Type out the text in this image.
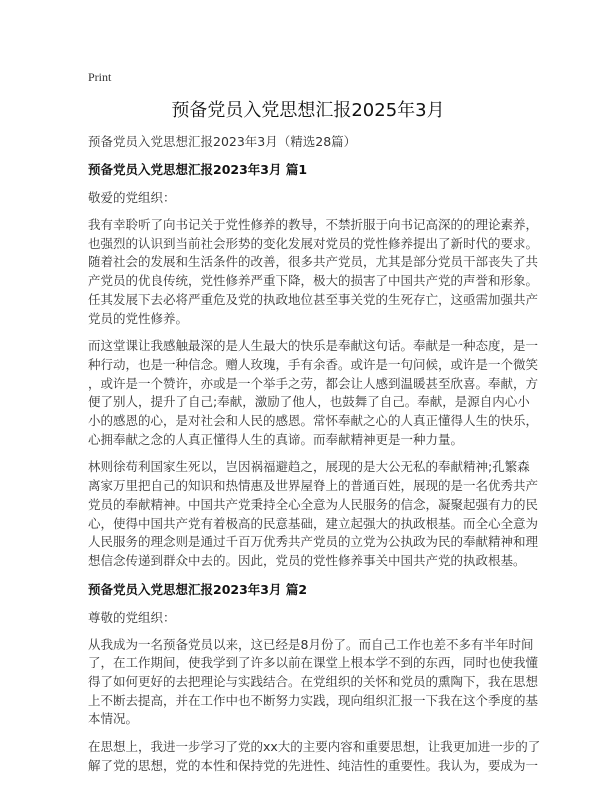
Print
预备党员入党思想汇报2025年3月
预备党员入党思想汇报2023年3月（精选28篇）
预备党员入党思想汇报2023年3月 篇1
敬爱的党组织：
我有幸聆听了向书记关于党性修养的教导，不禁折服于向书记高深的的理论素养，
也强烈的认识到当前社会形势的变化发展对党员的党性修养提出了新时代的要求。
随着社会的发展和生活条件的改善，很多共产党员，尤其是部分党员干部丧失了共
产党员的优良传统，党性修养严重下降，极大的损害了中国共产党的声誉和形象。
任其发展下去必将严重危及党的执政地位甚至事关党的生死存亡，这亟需加强共产
党员的党性修养。
而这堂课让我感触最深的是人生最大的快乐是奉献这句话。奉献是一种态度，是一
种行动，也是一种信念。赠人玫瑰，手有余香。或许是一句问候，或许是一个微笑
，或许是一个赞许，亦或是一个举手之劳，都会让人感到温暖甚至欣喜。奉献，方
便了别人，提升了自己;奉献，激励了他人，也鼓舞了自己。奉献，是源自内心小
小的感恩的心，是对社会和人民的感恩。常怀奉献之心的人真正懂得人生的快乐，
心拥奉献之念的人真正懂得人生的真谛。而奉献精神更是一种力量。
林则徐苟利国家生死以，岂因祸福避趋之，展现的是大公无私的奉献精神;孔繁森
离家万里把自己的知识和热情惠及世界屋脊上的普通百姓，展现的是一名优秀共产
党员的奉献精神。中国共产党秉持全心全意为人民服务的信念，凝聚起强有力的民
心，使得中国共产党有着极高的民意基础，建立起强大的执政根基。而全心全意为
人民服务的理念则是通过千百万优秀共产党员的立党为公执政为民的奉献精神和理
想信念传递到群众中去的。因此，党员的党性修养事关中国共产党的执政根基。
预备党员入党思想汇报2023年3月 篇2
尊敬的党组织：
从我成为一名预备党员以来，这已经是8月份了。而自己工作也差不多有半年时间
了，在工作期间，使我学到了许多以前在课堂上根本学不到的东西，同时也使我懂
得了如何更好的去把理论与实践结合。在党组织的关怀和党员的熏陶下，我在思想
上不断去提高，并在工作中也不断努力实践，现向组织汇报一下我在这个季度的基
本情况。
在思想上，我进一步学习了党的xx大的主要内容和重要思想，让我更加进一步的了
解了党的思想，党的本性和保持党的先进性、纯洁性的重要性。我认为，要成为一
